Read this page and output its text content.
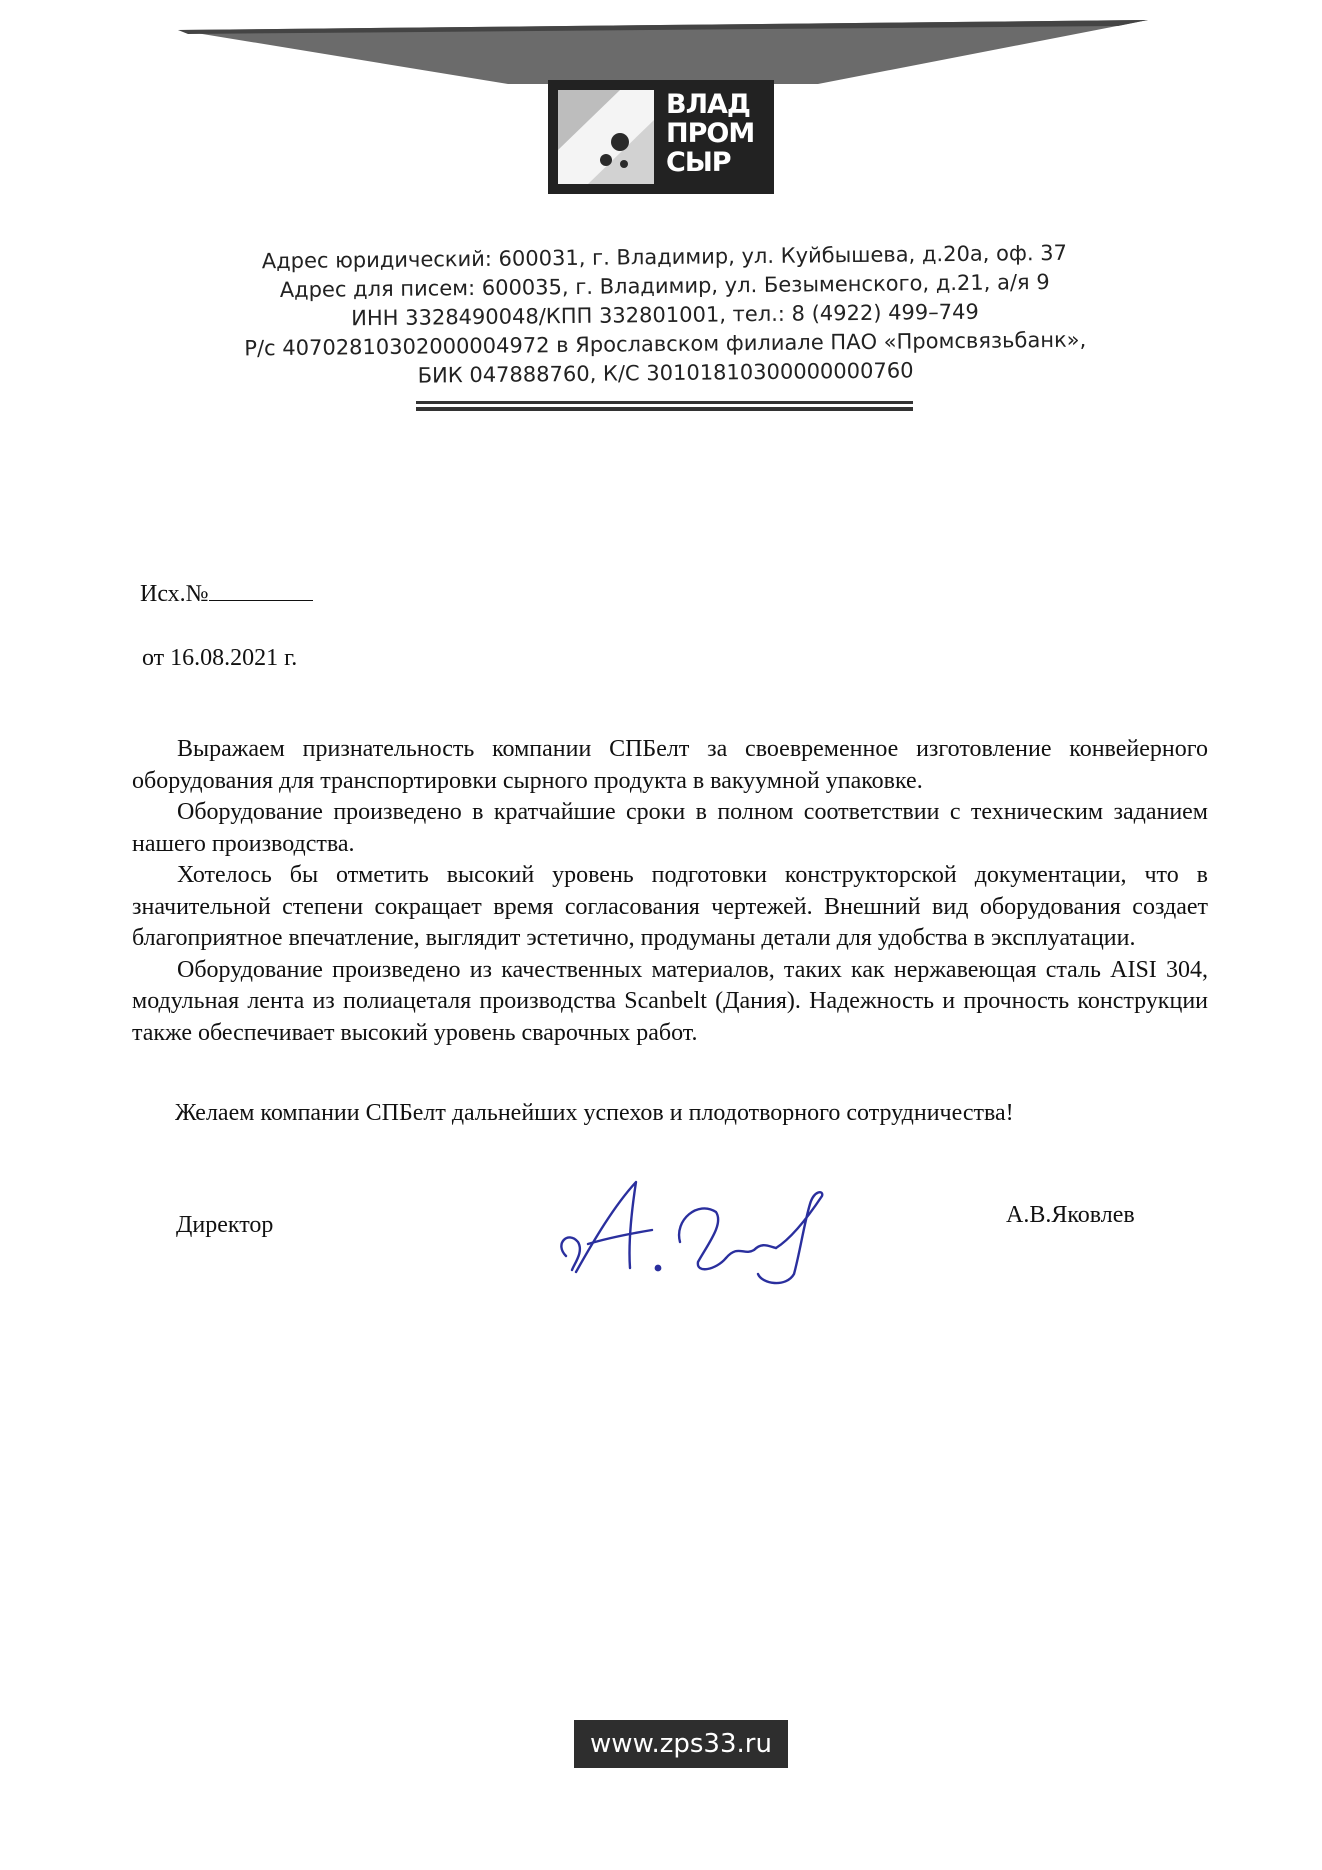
ВЛАД
ПРОМ
СЫР
Адрес юридический: 600031, г. Владимир, ул. Куйбышева, д.20а, оф. 37
Адрес для писем: 600035, г. Владимир, ул. Безыменского, д.21, а/я 9
ИНН 3328490048/КПП 332801001, тел.: 8 (4922) 499–749
Р/с 40702810302000004972 в Ярославском филиале ПАО «Промсвязьбанк»,
БИК 047888760, К/С 30101810300000000760
Исх.№
от 16.08.2021 г.

Выражаем признательность компании СПБелт за своевременное изготовление конвейерного оборудования для транспортировки сырного продукта в вакуумной упаковке.

Оборудование произведено в кратчайшие сроки в полном соответствии с техническим заданием нашего производства.

Хотелось бы отметить высокий уровень подготовки конструкторской документации, что в значительной степени сокращает время согласования чертежей. Внешний вид оборудования создает благоприятное впечатление, выглядит эстетично, продуманы детали для удобства в эксплуатации.

Оборудование произведено из качественных материалов, таких как нержавеющая сталь AISI 304, модульная лента из полиацеталя производства Scanbelt (Дания). Надежность и прочность конструкции также обеспечивает высокий уровень сварочных работ.

Желаем компании СПБелт дальнейших успехов и плодотворного сотрудничества!
Директор	А.В.Яковлев
www.zps33.ru
